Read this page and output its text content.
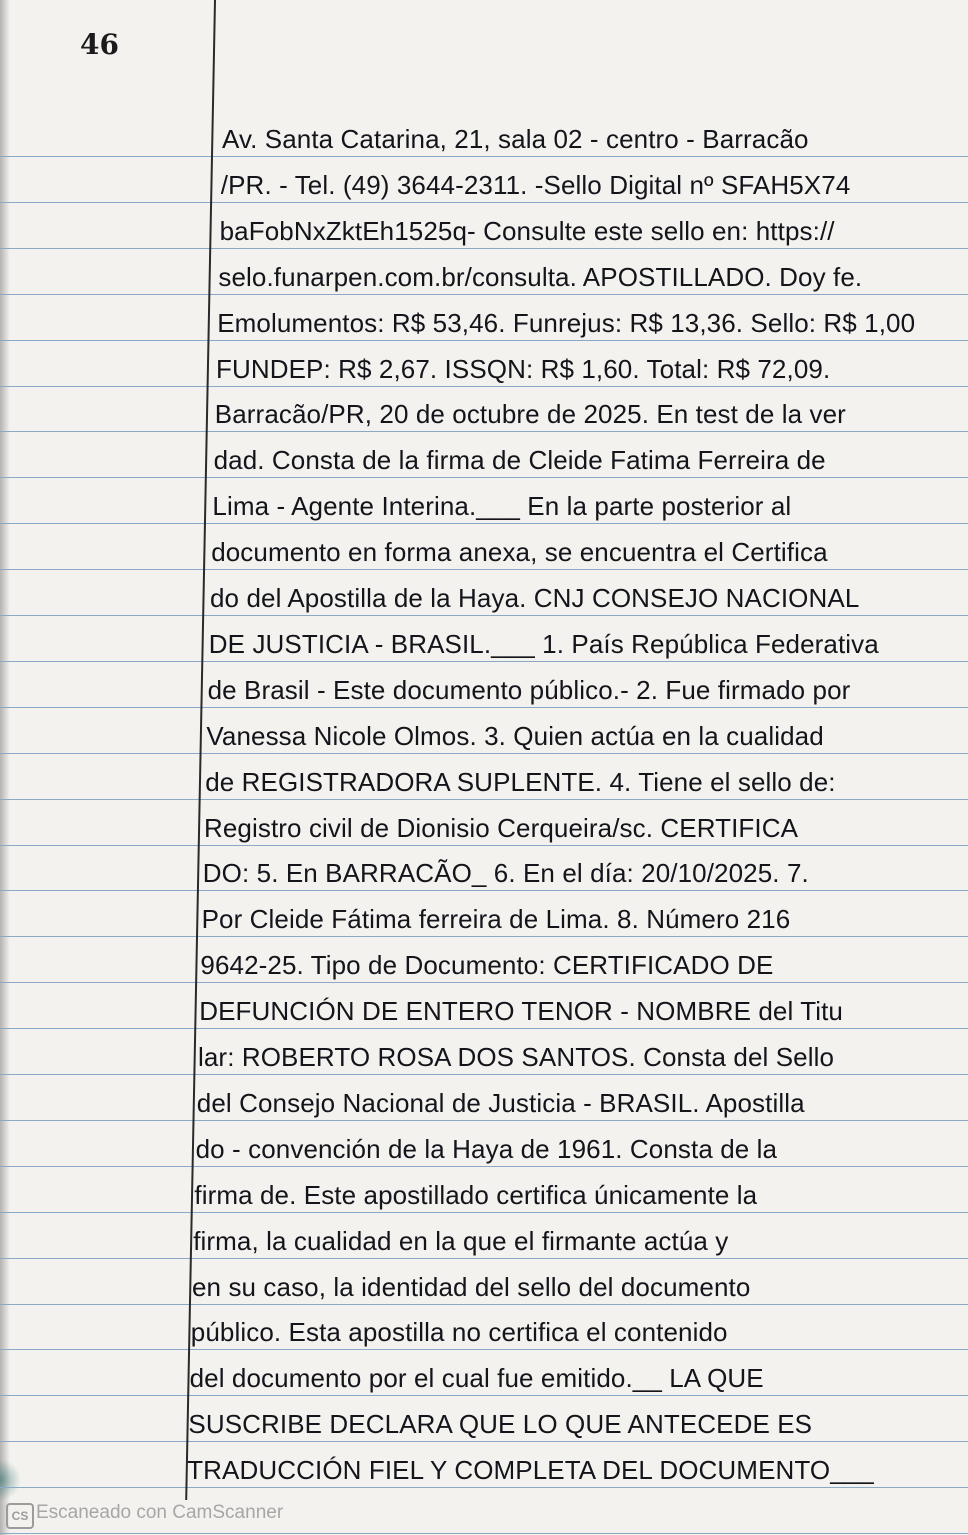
46
Av. Santa Catarina, 21, sala 02 - centro - Barracão
/PR. - Tel. (49) 3644-2311. -Sello Digital nº SFAH5X74
baFobNxZktEh1525q- Consulte este sello en: https://
selo.funarpen.com.br/consulta. APOSTILLADO. Doy fe.
Emolumentos: R$ 53,46. Funrejus: R$ 13,36. Sello: R$ 1,00
FUNDEP: R$ 2,67. ISSQN: R$ 1,60. Total: R$ 72,09.
Barracão/PR, 20 de octubre de 2025. En test de la ver
dad. Consta de la firma de Cleide Fatima Ferreira de
Lima - Agente Interina.___ En la parte posterior al
documento en forma anexa, se encuentra el Certifica
do del Apostilla de la Haya. CNJ CONSEJO NACIONAL
DE JUSTICIA - BRASIL.___ 1. País República Federativa
de Brasil - Este documento público.- 2. Fue firmado por
Vanessa Nicole Olmos. 3. Quien actúa en la cualidad
de REGISTRADORA SUPLENTE. 4. Tiene el sello de:
Registro civil de Dionisio Cerqueira/sc. CERTIFICA
DO: 5. En BARRACÃO_ 6. En el día: 20/10/2025. 7.
Por Cleide Fátima ferreira de Lima. 8. Número 216
9642-25. Tipo de Documento: CERTIFICADO DE
DEFUNCIÓN DE ENTERO TENOR - NOMBRE del Titu
lar: ROBERTO ROSA DOS SANTOS. Consta del Sello
del Consejo Nacional de Justicia - BRASIL. Apostilla
do - convención de la Haya de 1961. Consta de la
firma de. Este apostillado certifica únicamente la
firma, la cualidad en la que el firmante actúa y
en su caso, la identidad del sello del documento
público. Esta apostilla no certifica el contenido
del documento por el cual fue emitido.__ LA QUE
SUSCRIBE DECLARA QUE LO QUE ANTECEDE ES
TRADUCCIÓN FIEL Y COMPLETA DEL DOCUMENTO___
CS Escaneado con CamScanner
